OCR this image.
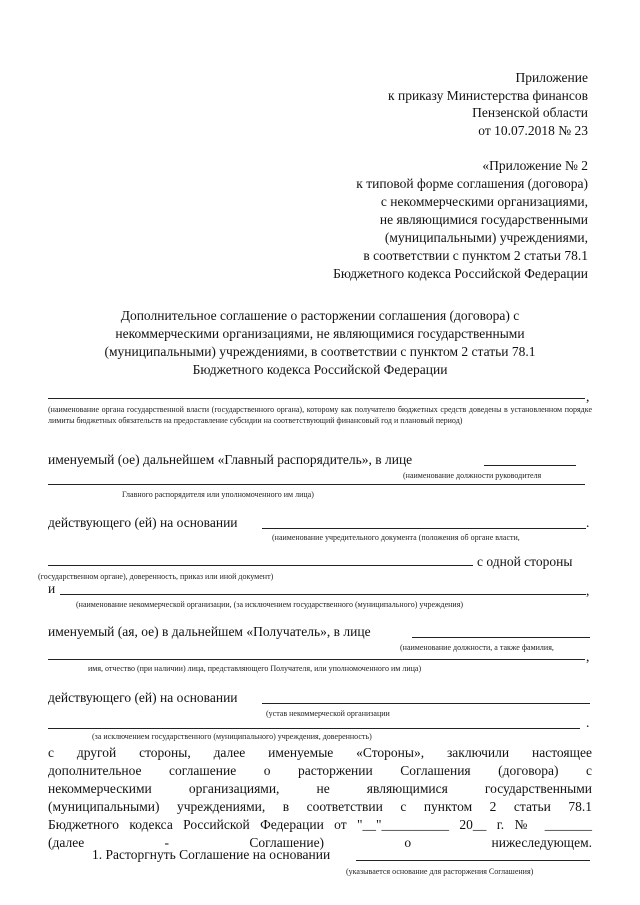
Приложение
к приказу Министерства финансов
Пензенской области
от 10.07.2018 № 23
«Приложение № 2
к типовой форме соглашения (договора)
с некоммерческими организациями,
не являющимися государственными
(муниципальными) учреждениями,
в соответствии с пунктом 2 статьи 78.1
Бюджетного кодекса Российской Федерации
Дополнительное соглашение о расторжении соглашения (договора) с
некоммерческими организациями, не являющимися государственными
(муниципальными) учреждениями, в соответствии с пунктом 2 статьи 78.1
Бюджетного кодекса Российской Федерации
,
(наименование органа государственной власти (государственного органа), которому как получателю бюджетных средств доведены в установленном порядке лимиты бюджетных обязательств на предоставление субсидии на соответствующий финансовый год и плановый период)
именуемый (ое) дальнейшем «Главный распорядитель», в лице
(наименование должности руководителя
Главного распорядителя или уполномоченного им лица)
действующего (ей) на основании	.
(наименование учредительного документа (положения об органе власти,
с одной стороны
(государственном органе), доверенность, приказ или иной документ)
и	,
(наименование некоммерческой организации, (за исключением государственного (муниципального) учреждения)
именуемый (ая, ое) в дальнейшем «Получатель», в лице
(наименование должности, а также фамилия,
,
имя, отчество (при наличии) лица, представляющего Получателя, или уполномоченного им лица)
действующего (ей) на основании
(устав некоммерческой организации
.
(за исключением государственного (муниципального) учреждения, доверенность)
с другой стороны, далее именуемые «Стороны», заключили настоящее
дополнительное соглашение о расторжении Соглашения (договора) с
некоммерческими организациями, не являющимися государственными
(муниципальными) учреждениями, в соответствии с пунктом 2 статьи 78.1
Бюджетного кодекса Российской Федерации от "__"__________ 20__ г. № _______
(далее - Соглашение) о нижеследующем.
1. Расторгнуть Соглашение на основании
(указывается основание для расторжения Соглашения)
